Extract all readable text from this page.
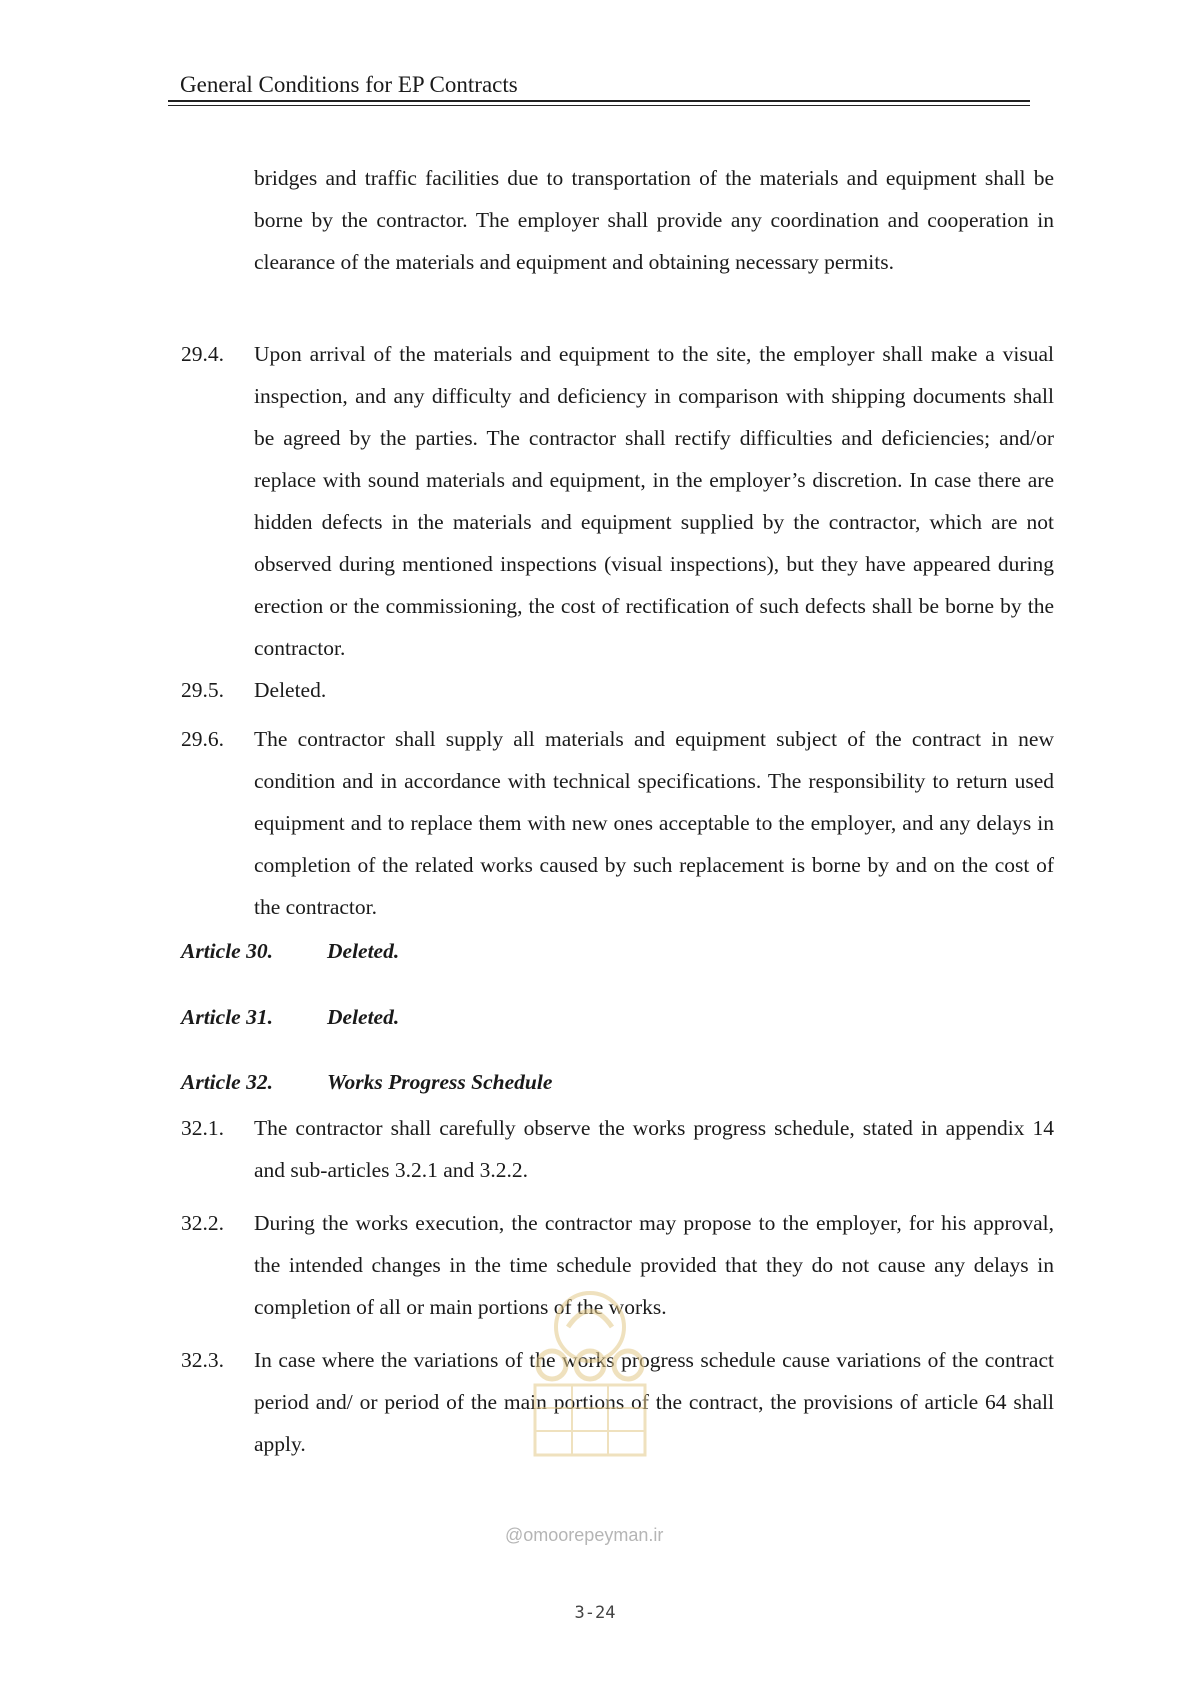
General Conditions for EP Contracts
bridges and traffic facilities due to transportation of the materials and equipment shall be borne by the contractor. The employer shall provide any coordination and cooperation in clearance of the materials and equipment and obtaining necessary permits.
29.4. Upon arrival of the materials and equipment to the site, the employer shall make a visual inspection, and any difficulty and deficiency in comparison with shipping documents shall be agreed by the parties. The contractor shall rectify difficulties and deficiencies; and/or replace with sound materials and equipment, in the employer’s discretion. In case there are hidden defects in the materials and equipment supplied by the contractor, which are not observed during mentioned inspections (visual inspections), but they have appeared during erection or the commissioning, the cost of rectification of such defects shall be borne by the contractor.
29.5. Deleted.
29.6. The contractor shall supply all materials and equipment subject of the contract in new condition and in accordance with technical specifications. The responsibility to return used equipment and to replace them with new ones acceptable to the employer, and any delays in completion of the related works caused by such replacement is borne by and on the cost of the contractor.
Article 30.	Deleted.
Article 31.	Deleted.
Article 32.	Works Progress Schedule
32.1. The contractor shall carefully observe the works progress schedule, stated in appendix 14 and sub-articles 3.2.1 and 3.2.2.
32.2. During the works execution, the contractor may propose to the employer, for his approval, the intended changes in the time schedule provided that they do not cause any delays in completion of all or main portions of the works.
32.3. In case where the variations of the works progress schedule cause variations of the contract period and/ or period of the main portions of the contract, the provisions of article 64 shall apply.
@omoorepeyman.ir
3-24
